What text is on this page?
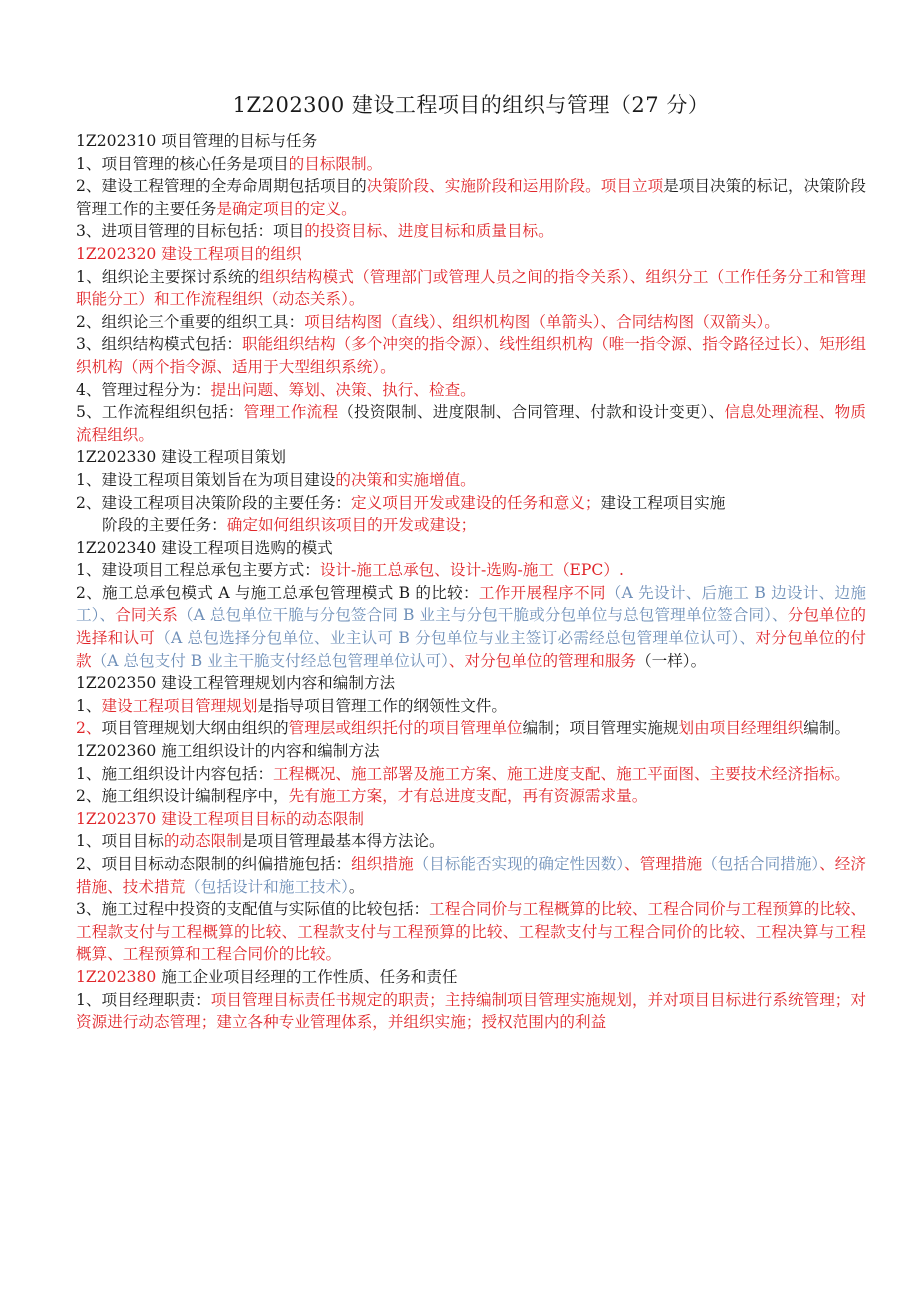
1Z202300 建设工程项目的组织与管理（27 分）
1Z202310 项目管理的目标与任务
1、项目管理的核心任务是项目的目标限制。
2、建设工程管理的全寿命周期包括项目的决策阶段、实施阶段和运用阶段。项目立项是项目决策的标记，决策阶段管理工作的主要任务是确定项目的定义。
3、进项目管理的目标包括：项目的投资目标、进度目标和质量目标。
1Z202320 建设工程项目的组织
1、组织论主要探讨系统的组织结构模式（管理部门或管理人员之间的指令关系）、组织分工（工作任务分工和管理职能分工）和工作流程组织（动态关系）。
2、组织论三个重要的组织工具：项目结构图（直线）、组织机构图（单箭头）、合同结构图（双箭头）。
3、组织结构模式包括：职能组织结构（多个冲突的指令源）、线性组织机构（唯一指令源、指令路径过长）、矩形组织机构（两个指令源、适用于大型组织系统）。
4、管理过程分为：提出问题、筹划、决策、执行、检查。
5、工作流程组织包括：管理工作流程（投资限制、进度限制、合同管理、付款和设计变更）、信息处理流程、物质流程组织。
1Z202330 建设工程项目策划
1、建设工程项目策划旨在为项目建设的决策和实施增值。
2、建设工程项目决策阶段的主要任务：定义项目开发或建设的任务和意义；建设工程项目实施
阶段的主要任务：确定如何组织该项目的开发或建设；
1Z202340 建设工程项目选购的模式
1、建设项目工程总承包主要方式：设计-施工总承包、设计-选购-施工（EPC）.
2、施工总承包模式 A 与施工总承包管理模式 B 的比较：工作开展程序不同（A 先设计、后施工 B 边设计、边施工）、合同关系（A 总包单位干脆与分包签合同 B 业主与分包干脆或分包单位与总包管理单位签合同）、分包单位的选择和认可（A 总包选择分包单位、业主认可 B 分包单位与业主签订必需经总包管理单位认可）、对分包单位的付款（A 总包支付 B 业主干脆支付经总包管理单位认可）、对分包单位的管理和服务（一样）。
1Z202350 建设工程管理规划内容和编制方法
1、建设工程项目管理规划是指导项目管理工作的纲领性文件。
2、项目管理规划大纲由组织的管理层或组织托付的项目管理单位编制；项目管理实施规划由项目经理组织编制。
1Z202360 施工组织设计的内容和编制方法
1、施工组织设计内容包括：工程概况、施工部署及施工方案、施工进度支配、施工平面图、主要技术经济指标。
2、施工组织设计编制程序中，先有施工方案，才有总进度支配，再有资源需求量。
1Z202370 建设工程项目目标的动态限制
1、项目目标的动态限制是项目管理最基本得方法论。
2、项目目标动态限制的纠偏措施包括：组织措施（目标能否实现的确定性因数）、管理措施（包括合同措施）、经济措施、技术措荒（包括设计和施工技术）。
3、施工过程中投资的支配值与实际值的比较包括：工程合同价与工程概算的比较、工程合同价与工程预算的比较、工程款支付与工程概算的比较、工程款支付与工程预算的比较、工程款支付与工程合同价的比较、工程决算与工程概算、工程预算和工程合同价的比较。
1Z202380 施工企业项目经理的工作性质、任务和责任
1、项目经理职责：项目管理目标责任书规定的职责；主持编制项目管理实施规划，并对项目目标进行系统管理；对资源进行动态管理；建立各种专业管理体系，并组织实施；授权范围内的利益
